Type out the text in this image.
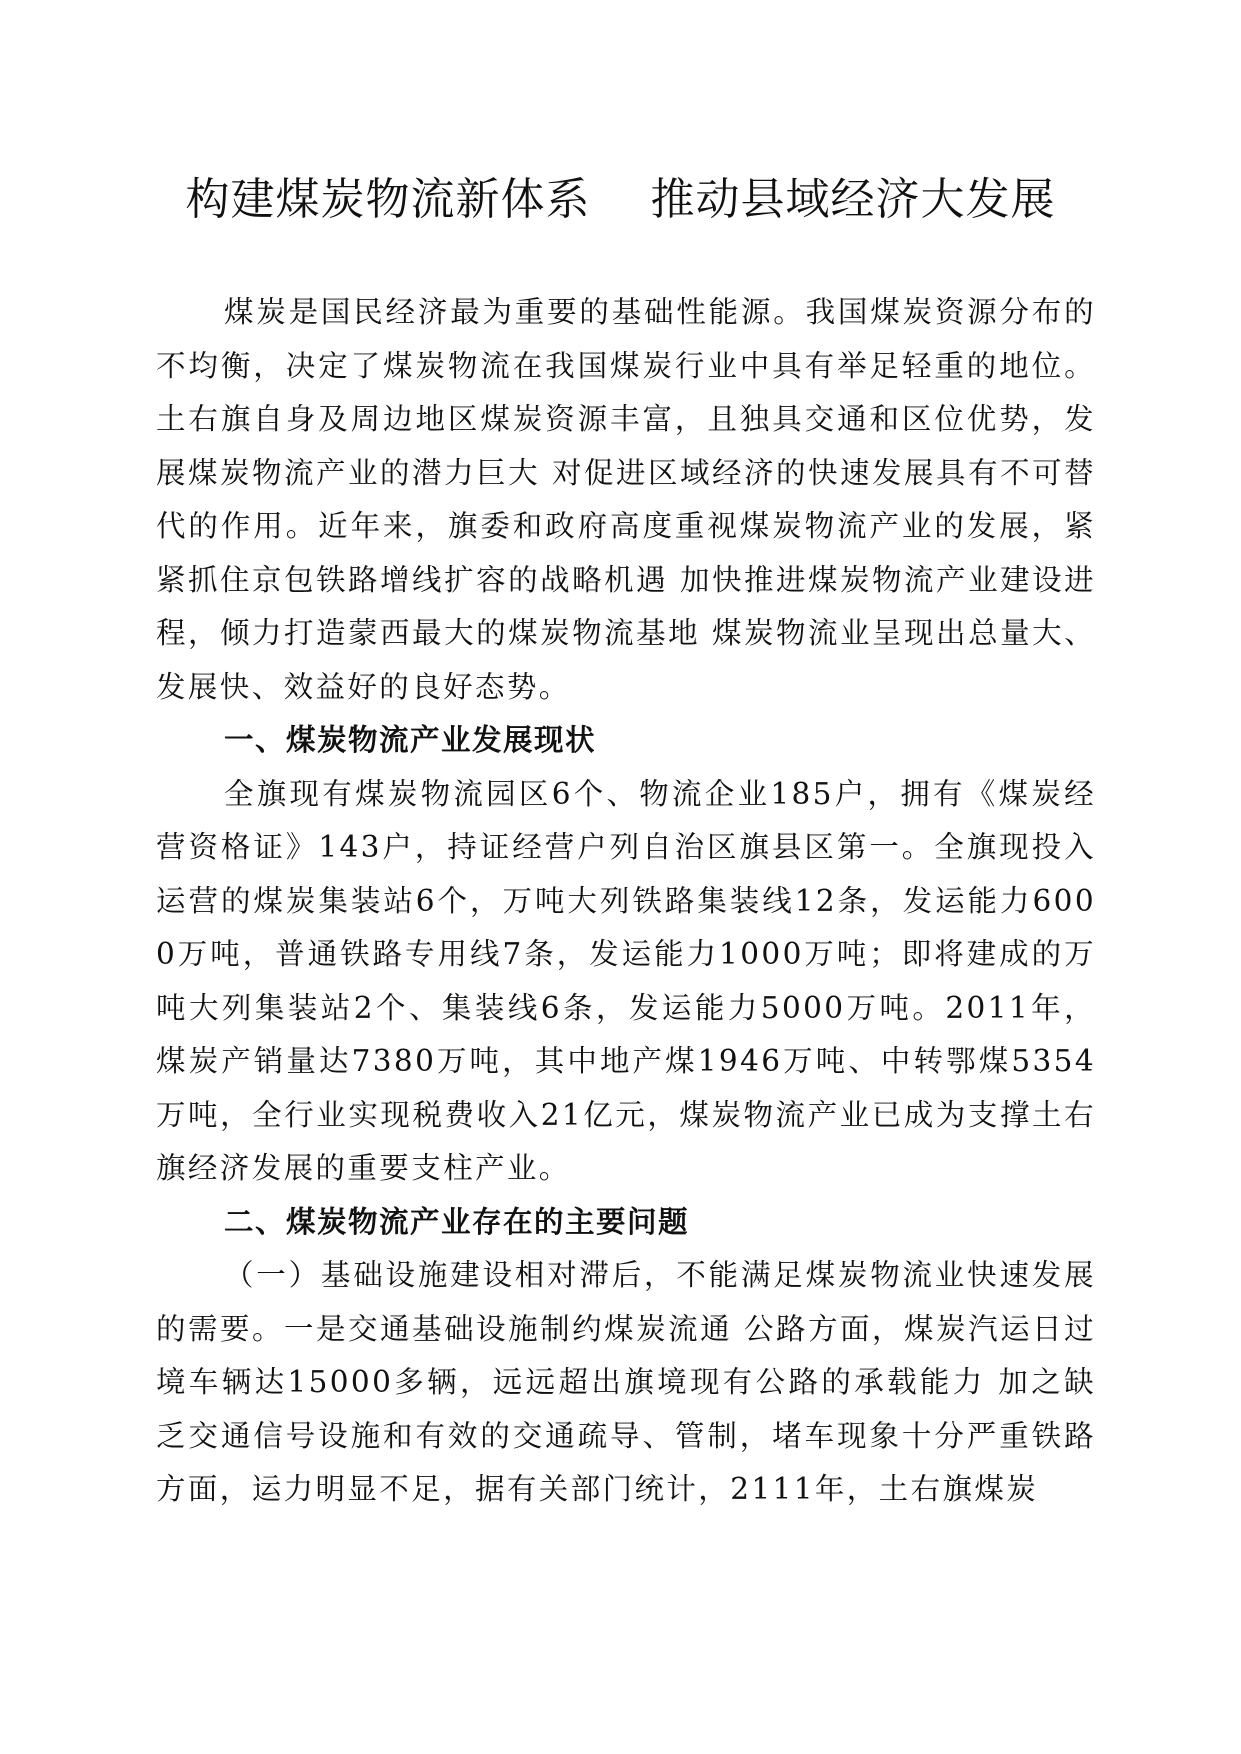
构建煤炭物流新体系    推动县域经济大发展

煤炭是国民经济最为重要的基础性能源。我国煤炭资源分布的不均衡，决定了煤炭物流在我国煤炭行业中具有举足轻重的地位。土右旗自身及周边地区煤炭资源丰富，且独具交通和区位优势，发展煤炭物流产业的潜力巨大 对促进区域经济的快速发展具有不可替代的作用。近年来，旗委和政府高度重视煤炭物流产业的发展，紧紧抓住京包铁路增线扩容的战略机遇 加快推进煤炭物流产业建设进程，倾力打造蒙西最大的煤炭物流基地 煤炭物流业呈现出总量大、发展快、效益好的良好态势。

一、煤炭物流产业发展现状

全旗现有煤炭物流园区6个、物流企业185户，拥有《煤炭经营资格证》143户，持证经营户列自治区旗县区第一。全旗现投入运营的煤炭集装站6个，万吨大列铁路集装线12条，发运能力6000万吨，普通铁路专用线7条，发运能力1000万吨；即将建成的万吨大列集装站2个、集装线6条，发运能力5000万吨。2011年，煤炭产销量达7380万吨，其中地产煤1946万吨、中转鄂煤5354万吨，全行业实现税费收入21亿元，煤炭物流产业已成为支撑土右旗经济发展的重要支柱产业。

二、煤炭物流产业存在的主要问题

（一）基础设施建设相对滞后，不能满足煤炭物流业快速发展的需要。一是交通基础设施制约煤炭流通 公路方面，煤炭汽运日过境车辆达15000多辆，远远超出旗境现有公路的承载能力 加之缺乏交通信号设施和有效的交通疏导、管制，堵车现象十分严重铁路方面，运力明显不足，据有关部门统计，2111年，土右旗煤炭
